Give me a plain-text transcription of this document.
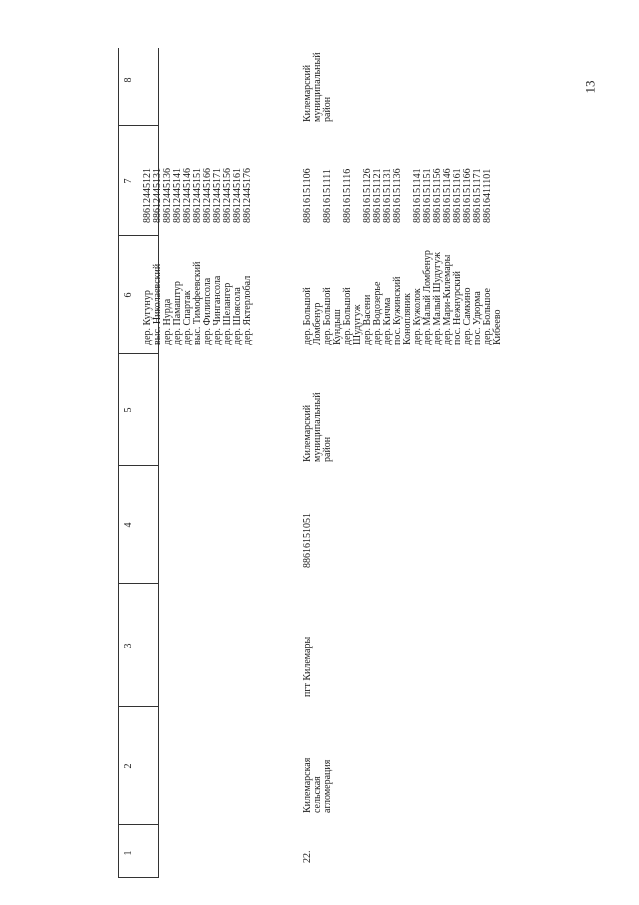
13
1
2
3
4
5
6
7
8
22.
Килемарская сельская агломерация
пгт Килемары
88616151051
Килемарский муниципальный район
дер. Кугунур выс. Николаевский дер. Нурда дер. Памаштур дер. Спартак выс. Тимофеевский дер. Филипсола дер. Чингансола дер. Шелангер дер. Шоясола дер. Яктерлобал
88612445121 88612445131 88612445136 88612445141 88612445146 88612445151 88612445166 88612445171 88612445156 88612445161 88612445176
Килемарский муниципальный район
дер. Большой Ломбенур дер. Большой Кундыш дер. Большой Шудугуж дер. Васени дер. Водозерье дер. Кичма пос. Кужинский Конопляник дер. Кужолок дер. Малый Ломбенур дер. Малый Шудугуж дер. Мари-Килемары пос. Нежнурский дер. Самкино пос. Удюрма дер. Большое Кибеево
88616151106 88616151111 88616151116 88616151126 88616151121 88616151131 88616151136 88616151141 88616151151 88616151156 88616151146 88616151161 88616151166 88616151171 88616411101
